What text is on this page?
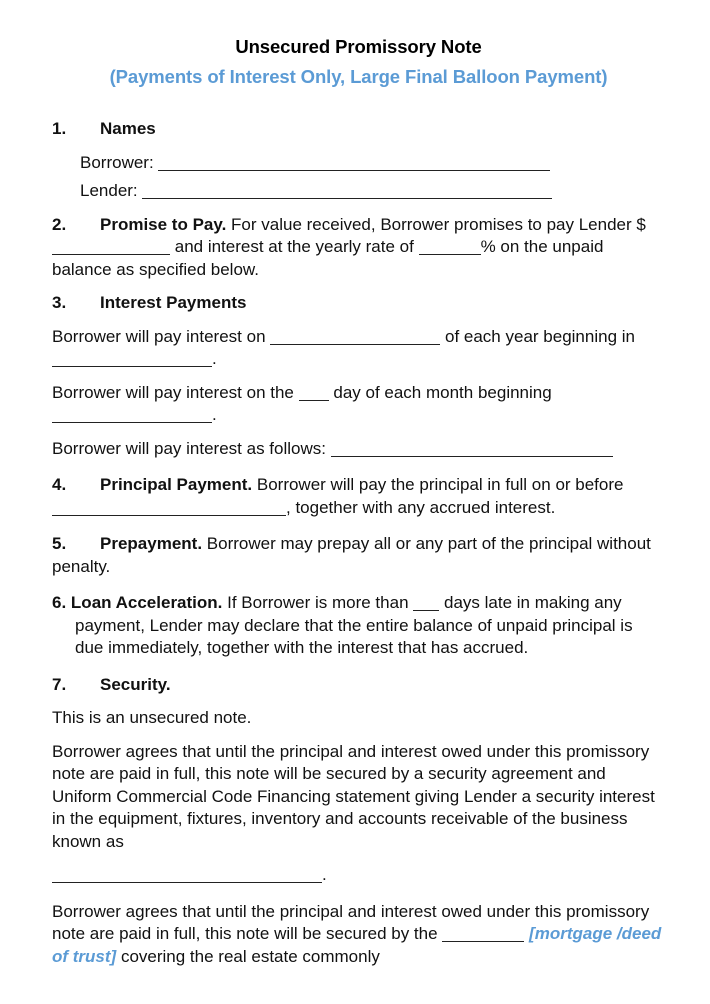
Unsecured Promissory Note
(Payments of Interest Only, Large Final Balloon Payment)
1. Names
Borrower:
Lender:
2. Promise to Pay. For value received, Borrower promises to pay Lender $ and interest at the yearly rate of	% on the unpaid balance as specified below.
3. Interest Payments
Borrower will pay interest on	of each year beginning in .
Borrower will pay interest on the day of each month beginning .
Borrower will pay interest as follows:
4. Principal Payment. Borrower will pay the principal in full on or before , together with any accrued interest.
5. Prepayment. Borrower may prepay all or any part of the principal without penalty.
6. Loan Acceleration. If Borrower is more than days late in making any payment, Lender may declare that the entire balance of unpaid principal is due immediately, together with the interest that has accrued.
7. Security.
This is an unsecured note.
Borrower agrees that until the principal and interest owed under this promissory note are paid in full, this note will be secured by a security agreement and Uniform Commercial Code Financing statement giving Lender a security interest in the equipment, fixtures, inventory and accounts receivable of the business known as
.
Borrower agrees that until the principal and interest owed under this promissory note are paid in full, this note will be secured by the	[mortgage /deed of trust] covering the real estate commonly
